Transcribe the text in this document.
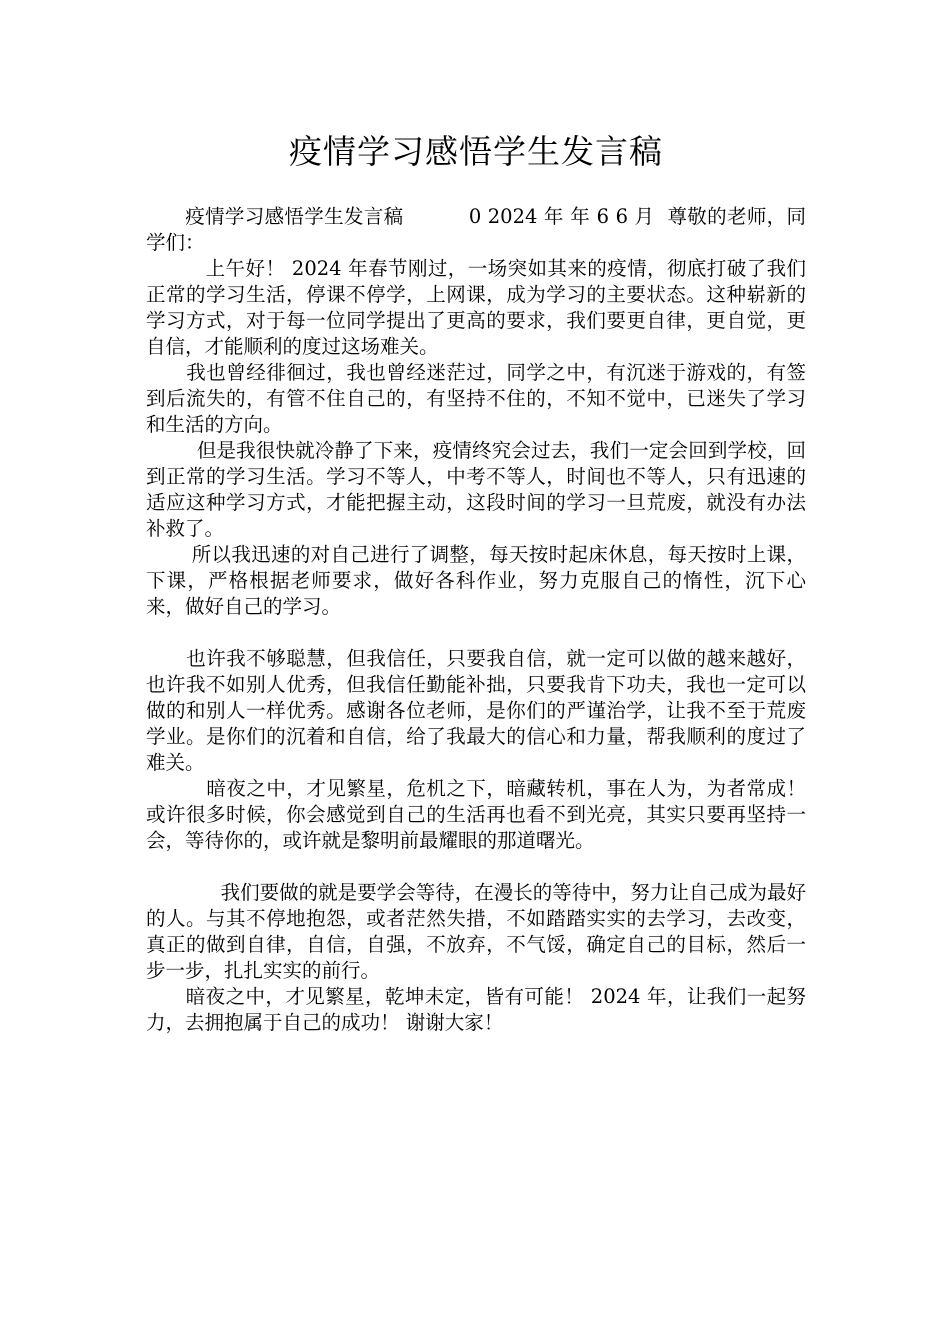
疫情学习感悟学生发言稿

疫情学习感悟学生发言稿          0 2024 年 年 6 6 月  尊敬的老师，同学们：

上午好！ 2024 年春节刚过，一场突如其来的疫情，彻底打破了我们正常的学习生活，停课不停学，上网课，成为学习的主要状态。这种崭新的学习方式，对于每一位同学提出了更高的要求，我们要更自律，更自觉，更自信，才能顺利的度过这场难关。

我也曾经徘徊过，我也曾经迷茫过，同学之中，有沉迷于游戏的，有签到后流失的，有管不住自己的，有坚持不住的，不知不觉中，已迷失了学习和生活的方向。

但是我很快就冷静了下来，疫情终究会过去，我们一定会回到学校，回到正常的学习生活。学习不等人，中考不等人，时间也不等人，只有迅速的适应这种学习方式，才能把握主动，这段时间的学习一旦荒废，就没有办法补救了。

所以我迅速的对自己进行了调整，每天按时起床休息，每天按时上课，下课，严格根据老师要求，做好各科作业，努力克服自己的惰性，沉下心来，做好自己的学习。

也许我不够聪慧，但我信任，只要我自信，就一定可以做的越来越好，也许我不如别人优秀，但我信任勤能补拙，只要我肯下功夫，我也一定可以做的和别人一样优秀。感谢各位老师，是你们的严谨治学，让我不至于荒废学业。是你们的沉着和自信，给了我最大的信心和力量，帮我顺利的度过了难关。

暗夜之中，才见繁星，危机之下，暗藏转机，事在人为，为者常成！或许很多时候，你会感觉到自己的生活再也看不到光亮，其实只要再坚持一会，等待你的，或许就是黎明前最耀眼的那道曙光。

我们要做的就是要学会等待，在漫长的等待中，努力让自己成为最好的人。与其不停地抱怨，或者茫然失措，不如踏踏实实的去学习，去改变，真正的做到自律，自信，自强，不放弃，不气馁，确定自己的目标，然后一步一步，扎扎实实的前行。

暗夜之中，才见繁星，乾坤未定，皆有可能！ 2024 年，让我们一起努力，去拥抱属于自己的成功！ 谢谢大家！
